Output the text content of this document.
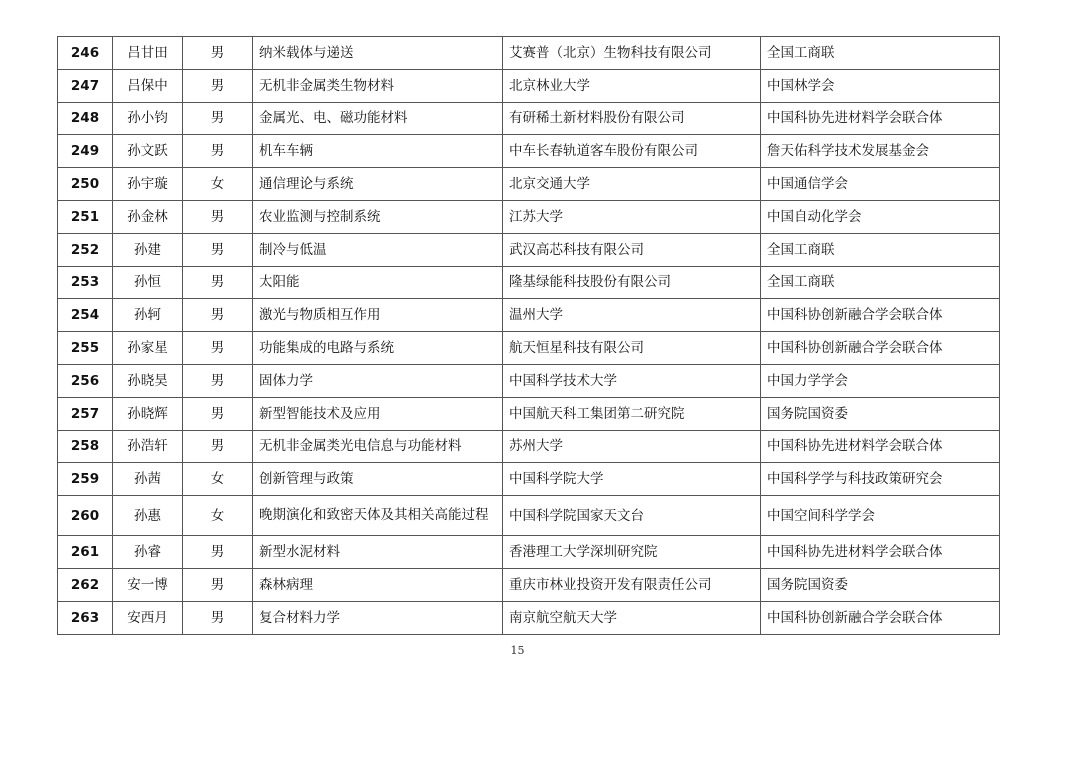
246	吕甘田	男	纳米载体与递送	艾赛普（北京）生物科技有限公司	全国工商联
247	吕保中	男	无机非金属类生物材料	北京林业大学	中国林学会
248	孙小钧	男	金属光、电、磁功能材料	有研稀土新材料股份有限公司	中国科协先进材料学会联合体
249	孙文跃	男	机车车辆	中车长春轨道客车股份有限公司	詹天佑科学技术发展基金会
250	孙宇璇	女	通信理论与系统	北京交通大学	中国通信学会
251	孙金林	男	农业监测与控制系统	江苏大学	中国自动化学会
252	孙建	男	制冷与低温	武汉高芯科技有限公司	全国工商联
253	孙恒	男	太阳能	隆基绿能科技股份有限公司	全国工商联
254	孙轲	男	激光与物质相互作用	温州大学	中国科协创新融合学会联合体
255	孙家星	男	功能集成的电路与系统	航天恒星科技有限公司	中国科协创新融合学会联合体
256	孙晓昊	男	固体力学	中国科学技术大学	中国力学学会
257	孙晓辉	男	新型智能技术及应用	中国航天科工集团第二研究院	国务院国资委
258	孙浩轩	男	无机非金属类光电信息与功能材料	苏州大学	中国科协先进材料学会联合体
259	孙茜	女	创新管理与政策	中国科学院大学	中国科学学与科技政策研究会
260	孙惠	女	晚期演化和致密天体及其相关高能过程	中国科学院国家天文台	中国空间科学学会
261	孙睿	男	新型水泥材料	香港理工大学深圳研究院	中国科协先进材料学会联合体
262	安一博	男	森林病理	重庆市林业投资开发有限责任公司	国务院国资委
263	安西月	男	复合材料力学	南京航空航天大学	中国科协创新融合学会联合体
15
